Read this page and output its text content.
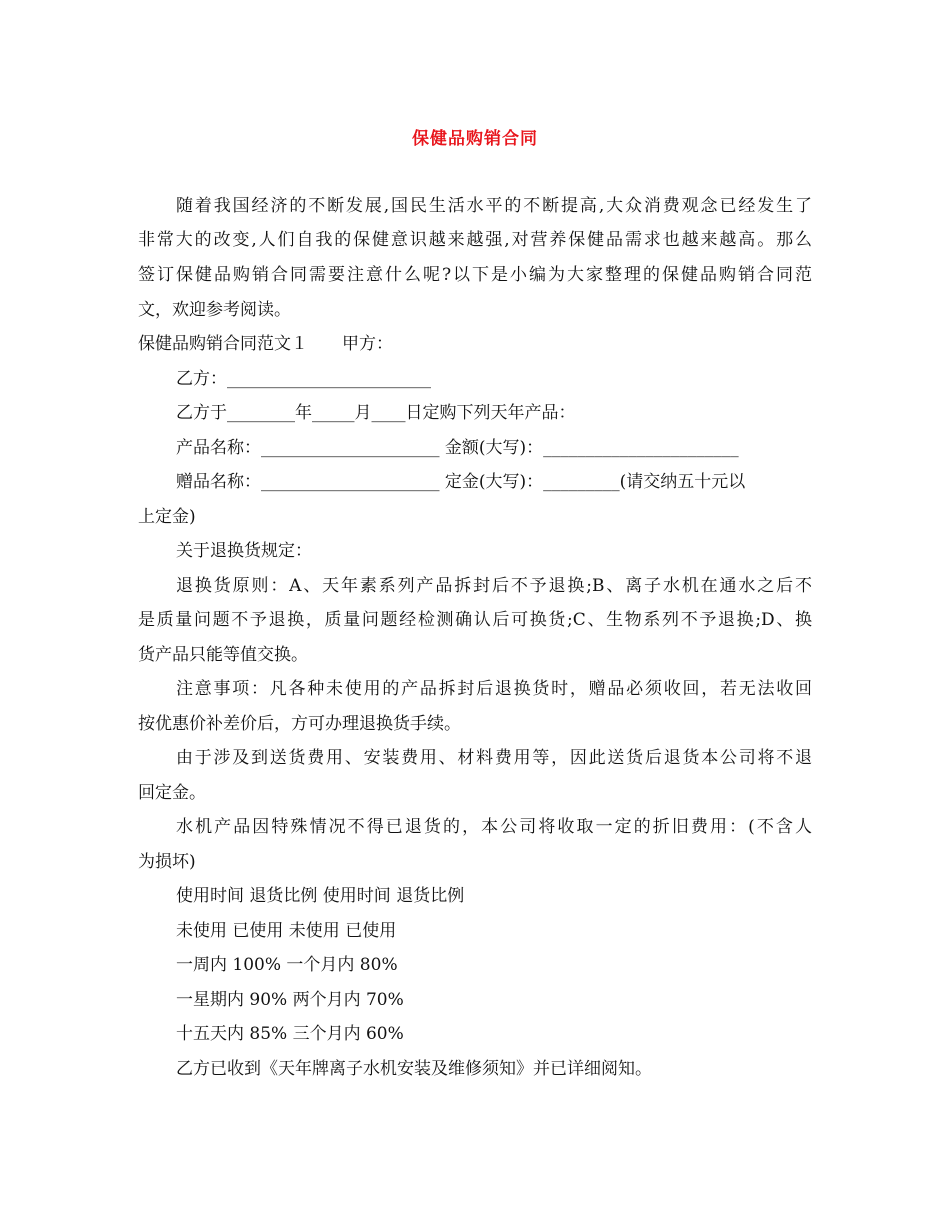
保健品购销合同
随着我国经济的不断发展,国民生活水平的不断提高,大众消费观念已经发生了
非常大的改变,人们自我的保健意识越来越强,对营养保健品需求也越来越高。那么
签订保健品购销合同需要注意什么呢?以下是小编为大家整理的保健品购销合同范
文，欢迎参考阅读。
保健品购销合同范文１　　甲方：
乙方：________________________
乙方于________年_____月____日定购下列天年产品：
产品名称：_____________________ 金额(大写)：_______________________
赠品名称：_____________________ 定金(大写)：_________(请交纳五十元以
上定金)
关于退换货规定：
退换货原则：A、天年素系列产品拆封后不予退换;B、离子水机在通水之后不
是质量问题不予退换，质量问题经检测确认后可换货;C、生物系列不予退换;D、换
货产品只能等值交换。
注意事项：凡各种未使用的产品拆封后退换货时，赠品必须收回，若无法收回
按优惠价补差价后，方可办理退换货手续。
由于涉及到送货费用、安装费用、材料费用等，因此送货后退货本公司将不退
回定金。
水机产品因特殊情况不得已退货的，本公司将收取一定的折旧费用：(不含人
为损坏)
使用时间 退货比例 使用时间 退货比例
未使用 已使用 未使用 已使用
一周内 100% 一个月内 80%
一星期内 90% 两个月内 70%
十五天内 85% 三个月内 60%
乙方已收到《天年牌离子水机安装及维修须知》并已详细阅知。
